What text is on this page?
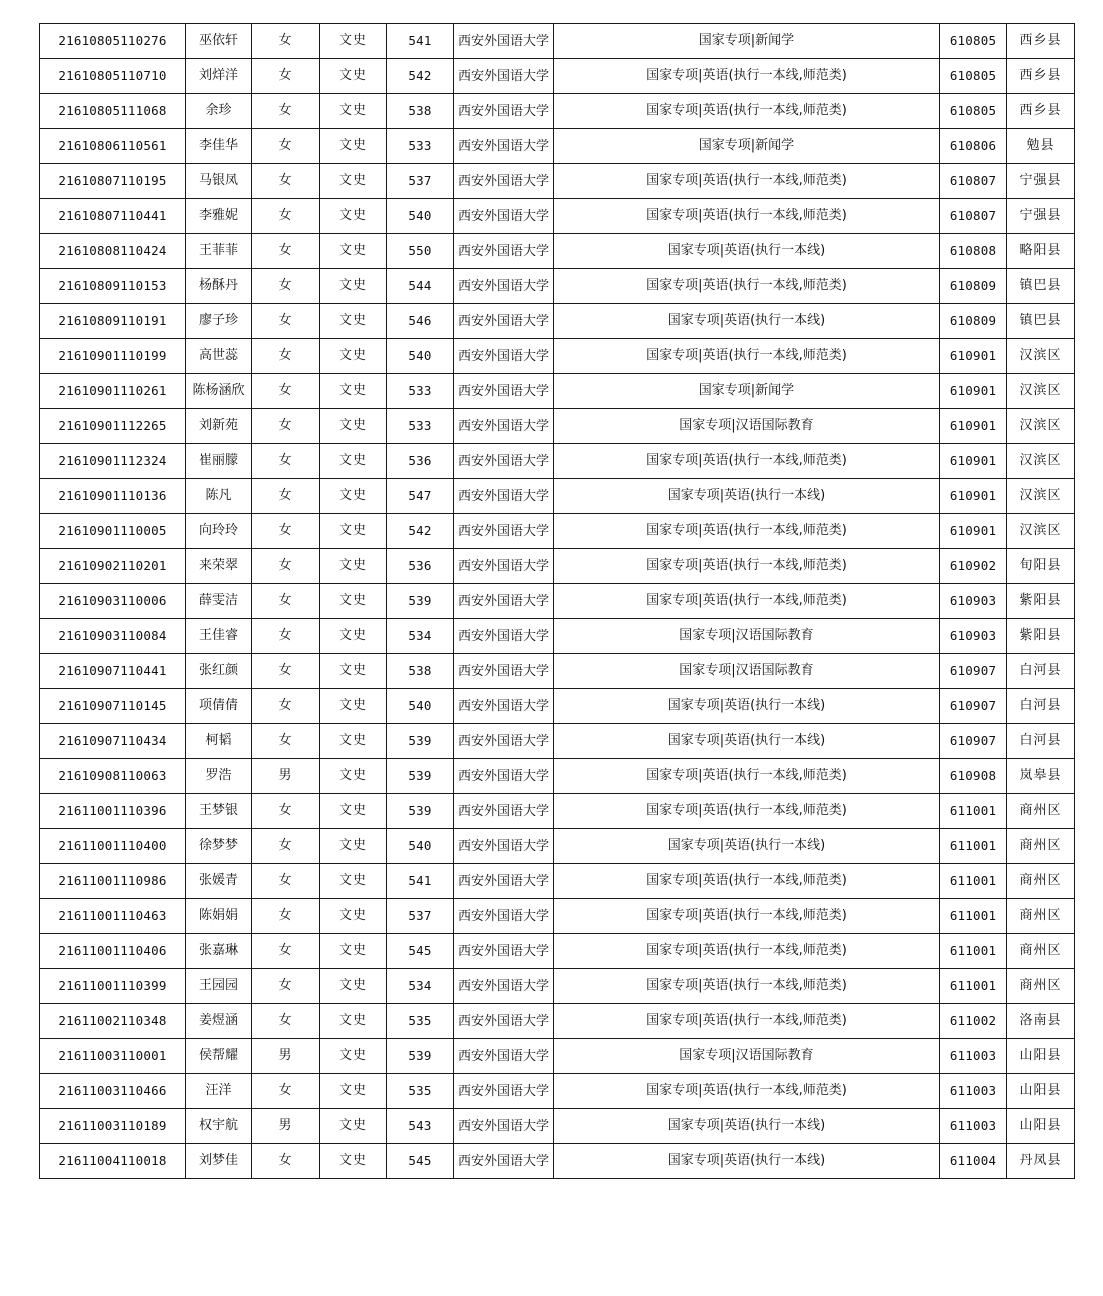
21610805110276	巫依轩	女	文史	541	西安外国语大学	国家专项|新闻学	610805	西乡县
21610805110710	刘烊洋	女	文史	542	西安外国语大学	国家专项|英语(执行一本线,师范类)	610805	西乡县
21610805111068	余珍	女	文史	538	西安外国语大学	国家专项|英语(执行一本线,师范类)	610805	西乡县
21610806110561	李佳华	女	文史	533	西安外国语大学	国家专项|新闻学	610806	勉县
21610807110195	马银凤	女	文史	537	西安外国语大学	国家专项|英语(执行一本线,师范类)	610807	宁强县
21610807110441	李雅妮	女	文史	540	西安外国语大学	国家专项|英语(执行一本线,师范类)	610807	宁强县
21610808110424	王菲菲	女	文史	550	西安外国语大学	国家专项|英语(执行一本线)	610808	略阳县
21610809110153	杨酥丹	女	文史	544	西安外国语大学	国家专项|英语(执行一本线,师范类)	610809	镇巴县
21610809110191	廖子珍	女	文史	546	西安外国语大学	国家专项|英语(执行一本线)	610809	镇巴县
21610901110199	高世蕊	女	文史	540	西安外国语大学	国家专项|英语(执行一本线,师范类)	610901	汉滨区
21610901110261	陈杨涵欣	女	文史	533	西安外国语大学	国家专项|新闻学	610901	汉滨区
21610901112265	刘新苑	女	文史	533	西安外国语大学	国家专项|汉语国际教育	610901	汉滨区
21610901112324	崔丽朦	女	文史	536	西安外国语大学	国家专项|英语(执行一本线,师范类)	610901	汉滨区
21610901110136	陈凡	女	文史	547	西安外国语大学	国家专项|英语(执行一本线)	610901	汉滨区
21610901110005	向玲玲	女	文史	542	西安外国语大学	国家专项|英语(执行一本线,师范类)	610901	汉滨区
21610902110201	来荣翠	女	文史	536	西安外国语大学	国家专项|英语(执行一本线,师范类)	610902	旬阳县
21610903110006	薛雯洁	女	文史	539	西安外国语大学	国家专项|英语(执行一本线,师范类)	610903	紫阳县
21610903110084	王佳睿	女	文史	534	西安外国语大学	国家专项|汉语国际教育	610903	紫阳县
21610907110441	张红颜	女	文史	538	西安外国语大学	国家专项|汉语国际教育	610907	白河县
21610907110145	项倩倩	女	文史	540	西安外国语大学	国家专项|英语(执行一本线)	610907	白河县
21610907110434	柯韬	女	文史	539	西安外国语大学	国家专项|英语(执行一本线)	610907	白河县
21610908110063	罗浩	男	文史	539	西安外国语大学	国家专项|英语(执行一本线,师范类)	610908	岚皋县
21611001110396	王梦银	女	文史	539	西安外国语大学	国家专项|英语(执行一本线,师范类)	611001	商州区
21611001110400	徐梦梦	女	文史	540	西安外国语大学	国家专项|英语(执行一本线)	611001	商州区
21611001110986	张媛青	女	文史	541	西安外国语大学	国家专项|英语(执行一本线,师范类)	611001	商州区
21611001110463	陈娟娟	女	文史	537	西安外国语大学	国家专项|英语(执行一本线,师范类)	611001	商州区
21611001110406	张嘉琳	女	文史	545	西安外国语大学	国家专项|英语(执行一本线,师范类)	611001	商州区
21611001110399	王园园	女	文史	534	西安外国语大学	国家专项|英语(执行一本线,师范类)	611001	商州区
21611002110348	姜煜涵	女	文史	535	西安外国语大学	国家专项|英语(执行一本线,师范类)	611002	洛南县
21611003110001	侯帮耀	男	文史	539	西安外国语大学	国家专项|汉语国际教育	611003	山阳县
21611003110466	汪洋	女	文史	535	西安外国语大学	国家专项|英语(执行一本线,师范类)	611003	山阳县
21611003110189	权宇航	男	文史	543	西安外国语大学	国家专项|英语(执行一本线)	611003	山阳县
21611004110018	刘梦佳	女	文史	545	西安外国语大学	国家专项|英语(执行一本线)	611004	丹凤县
